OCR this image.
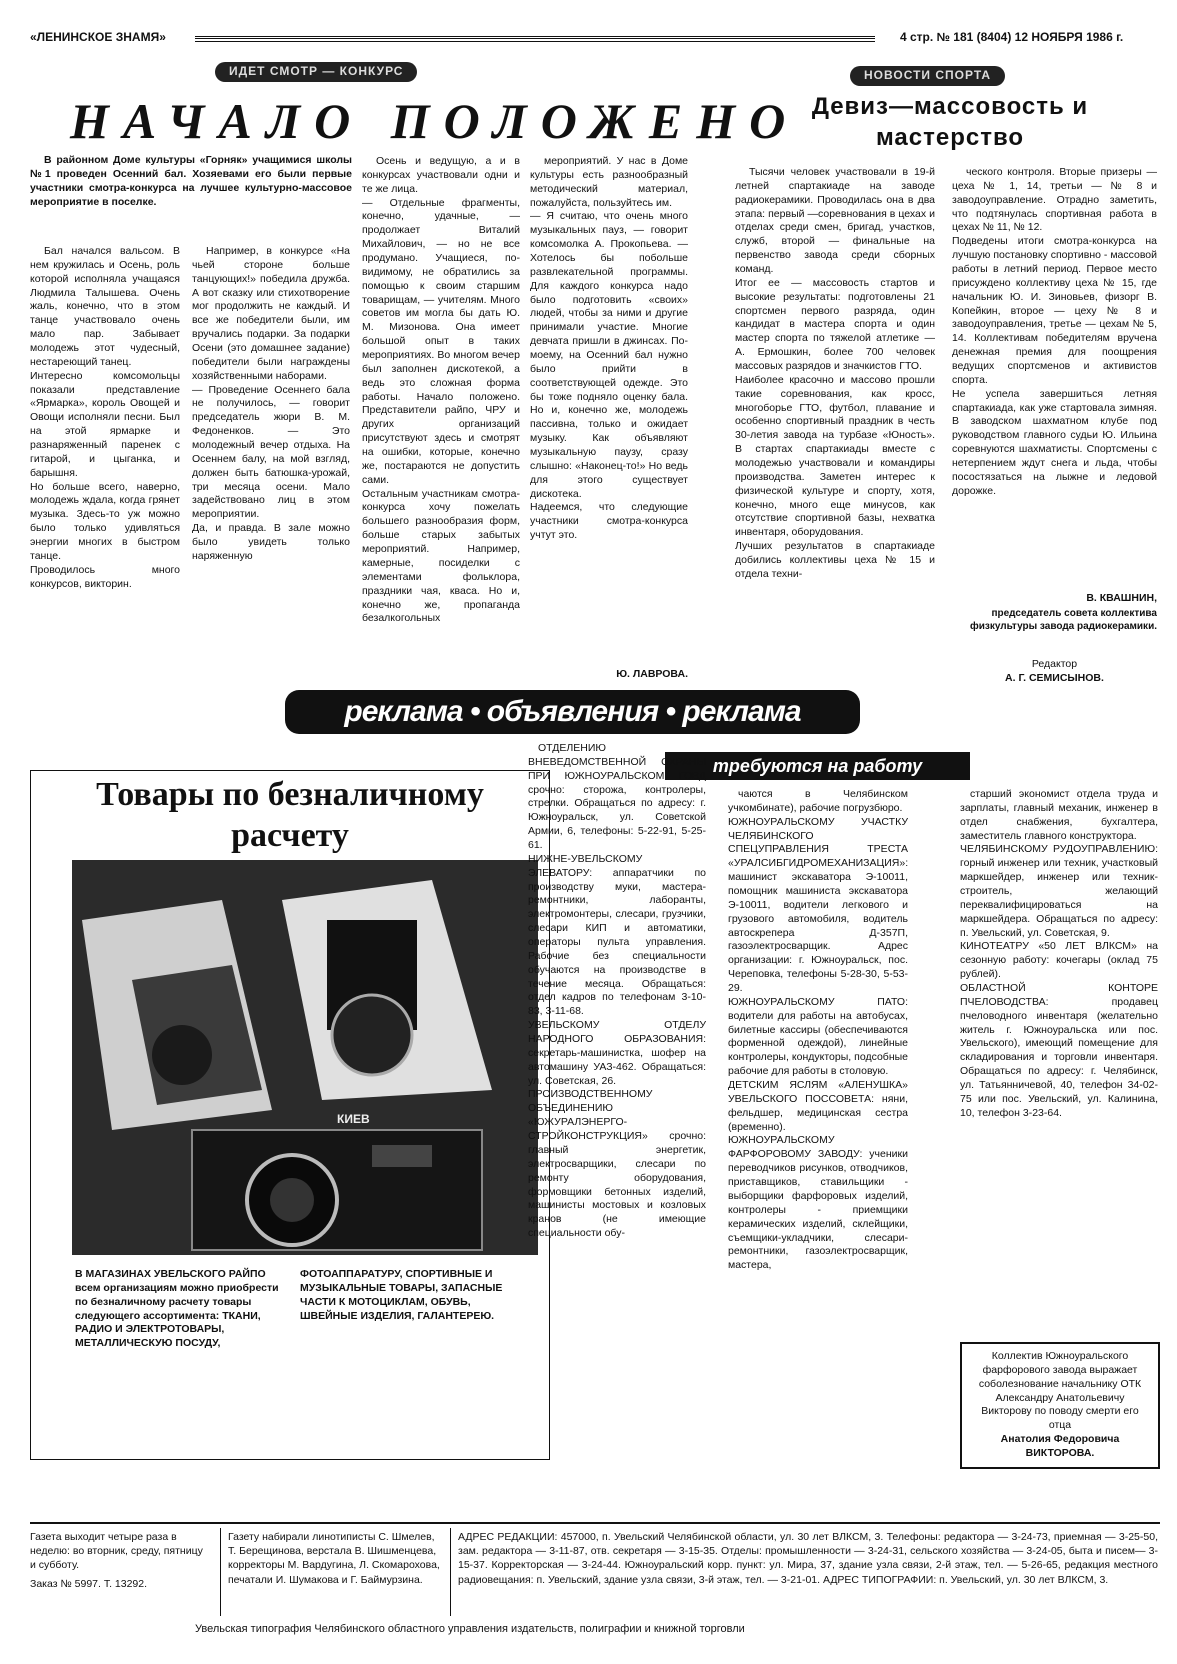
«ЛЕНИНСКОЕ ЗНАМЯ»	4 стр. № 181 (8404) 12 НОЯБРЯ 1986 г.
ИДЕТ СМОТР — КОНКУРС
НАЧАЛО ПОЛОЖЕНО
В районном Доме культуры «Горняк» учащимися школы №1 проведен Осенний бал. Хозяевами его были первые участники смотра-конкурса на лучшее культурно-массовое мероприятие в поселке.

Бал начался вальсом. В нем кружилась и Осень, роль которой исполняла учащаяся Людмила Талышева. Очень жаль, конечно, что в этом танце участвовало очень мало пар. Забывает молодежь этот чудесный, нестареющий танец.
Интересно комсомольцы показали представление «Ярмарка», король Овощей и Овощи исполняли песни. Был на этой ярмарке и разнаряженный паренек с гитарой, и цыганка, и барышня.
Но больше всего, наверно, молодежь ждала, когда грянет музыка. Здесь-то уж можно было только удивляться энергии многих в быстром танце.
Проводилось много конкурсов, викторин.

Например, в конкурсе «На чьей стороне больше танцующих!» победила дружба. А вот сказку или стихотворение мог продолжить не каждый. И все же победители были, им вручались подарки. За подарки Осени (это домашнее задание) победители были награждены хозяйственными наборами.
— Проведение Осеннего бала не получилось, — говорит председатель жюри В. М. Федоненков. — Это молодежный вечер отдыха. На Осеннем балу, на мой взгляд, должен быть батюшка-урожай, три месяца осени. Мало задействовано лиц в этом мероприятии.
Да, и правда. В зале можно было увидеть только наряженную

Осень и ведущую, а и в конкурсах участвовали одни и те же лица.
— Отдельные фрагменты, конечно, удачные, — продолжает Виталий Михайлович, — но не все продумано. Учащиеся, по-видимому, не обратились за помощью к своим старшим товарищам, — учителям. Много советов им могла бы дать Ю. М. Мизонова. Она имеет большой опыт в таких мероприятиях. Во многом вечер был заполнен дискотекой, а ведь это сложная форма работы. Начало положено. Представители райпо, ЧРУ и других организаций присутствуют здесь и смотрят на ошибки, которые, конечно же, постараются не допустить сами.
Остальным участникам смотра-конкурса хочу пожелать большего разнообразия форм, больше старых забытых мероприятий. Например, камерные, посиделки с элементами фольклора, праздники чая, кваса. Но и, конечно же, пропаганда безалкогольных

мероприятий. У нас в Доме культуры есть разнообразный методический материал, пожалуйста, пользуйтесь им.
— Я считаю, что очень много музыкальных пауз, — говорит комсомолка А. Прокопьева. — Хотелось бы побольше развлекательной программы. Для каждого конкурса надо было подготовить «своих» людей, чтобы за ними и другие принимали участие. Многие девчата пришли в джинсах. По-моему, на Осенний бал нужно было прийти в соответствующей одежде. Это бы тоже подняло оценку бала. Но и, конечно же, молодежь пассивна, только и ожидает музыку. Как объявляют музыкальную паузу, сразу слышно: «Наконец-то!» Но ведь для этого существует дискотека.
Надеемся, что следующие участники смотра-конкурса учтут это.

Ю. ЛАВРОВА.
НОВОСТИ СПОРТА
Девиз—массовость и мастерство

Тысячи человек участвовали в 19-й летней спартакиаде на заводе радиокерамики. Проводилась она в два этапа: первый —соревнования в цехах и отделах среди смен, бригад, участков, служб, второй — финальные на первенство завода среди сборных команд.
Итог ее — массовость стартов и высокие результаты: подготовлены 21 спортсмен первого разряда, один кандидат в мастера спорта и один мастер спорта по тяжелой атлетике — А. Ермошкин, более 700 человек массовых разрядов и значкистов ГТО.
Наиболее красочно и массово прошли такие соревнования, как кросс, многоборье ГТО, футбол, плавание и особенно спортивный праздник в честь 30-летия завода на турбазе «Юность». В стартах спартакиады вместе с молодежью участвовали и командиры производства. Заметен интерес к физической культуре и спорту, хотя, конечно, много еще минусов, как отсутствие спортивной базы, нехватка инвентаря, оборудования.
Лучших результатов в спартакиаде добились коллективы цеха № 15 и отдела техни-

ческого контроля. Вторые призеры — цеха № 1, 14, третьи — № 8 и заводоуправление. Отрадно заметить, что подтянулась спортивная работа в цехах № 11, № 12.
Подведены итоги смотра-конкурса на лучшую постановку спортивно - массовой работы в летний период. Первое место присуждено коллективу цеха № 15, где начальник Ю. И. Зиновьев, физорг В. Копейкин, второе — цеху № 8 и заводоуправления, третье — цехам № 5, 14. Коллективам победителям вручена денежная премия для поощрения ведущих спортсменов и активистов спорта.
Не успела завершиться летняя спартакиада, как уже стартовала зимняя. В заводском шахматном клубе под руководством главного судьи Ю. Ильина соревнуются шахматисты. Спортсмены с нетерпением ждут снега и льда, чтобы посостязаться на лыжне и ледовой дорожке.

В. КВАШНИН,
председатель совета коллектива физкультуры завода радиокерамики.
Редактор
А. Г. СЕМИСЫНОВ.
реклама • объявления • реклама
требуются на работу
Товары по безналичному расчету
КИЕВ
В МАГАЗИНАХ УВЕЛЬСКОГО РАЙПО всем организациям можно приобрести по безналичному расчету товары следующего ассортимента: ТКАНИ, РАДИО И ЭЛЕКТРОТОВАРЫ, МЕТАЛЛИЧЕСКУЮ ПОСУДУ,
ФОТОАППАРАТУРУ, СПОРТИВНЫЕ И МУЗЫКАЛЬНЫЕ ТОВАРЫ, ЗАПАСНЫЕ ЧАСТИ К МОТОЦИКЛАМ, ОБУВЬ, ШВЕЙНЫЕ ИЗДЕЛИЯ, ГАЛАНТЕРЕЮ.

ОТДЕЛЕНИЮ ВНЕВЕДОМСТВЕННОЙ ОХРАНЫ ПРИ ЮЖНОУРАЛЬСКОМ ГОВД срочно: сторожа, контролеры, стрелки. Обращаться по адресу: г. Южноуральск, ул. Советской Армии, 6, телефоны: 5-22-91, 5-25-61.
НИЖНЕ-УВЕЛЬСКОМУ ЭЛЕВАТОРУ: аппаратчики по производству муки, мастера-ремонтники, лаборанты, электромонтеры, слесари, грузчики, слесари КИП и автоматики, операторы пульта управления. Рабочие без специальности обучаются на производстве в течение месяца. Обращаться: отдел кадров по телефонам 3-10-83, 3-11-68.
УВЕЛЬСКОМУ ОТДЕЛУ НАРОДНОГО ОБРАЗОВАНИЯ: секретарь-машинистка, шофер на автомашину УАЗ-462. Обращаться: ул. Советская, 26.
ПРОИЗВОДСТВЕННОМУ ОБЪЕДИНЕНИЮ «ЮЖУРАЛЭНЕРГО-СТРОЙКОНСТРУКЦИЯ» срочно: главный энергетик, электросварщики, слесари по ремонту оборудования, формовщики бетонных изделий, машинисты мостовых и козловых кранов (не имеющие специальности обу-

чаются в Челябинском учкомбинате), рабочие погрузбюро.
ЮЖНОУРАЛЬСКОМУ УЧАСТКУ ЧЕЛЯБИНСКОГО СПЕЦУПРАВЛЕНИЯ ТРЕСТА «УРАЛСИБГИДРОМЕХАНИЗАЦИЯ»: машинист экскаватора Э-10011, помощник машиниста экскаватора Э-10011, водители легкового и грузового автомобиля, водитель автоскрепера Д-357П, газоэлектросварщик. Адрес организации: г. Южноуральск, пос. Череповка, телефоны 5-28-30, 5-53-29.
ЮЖНОУРАЛЬСКОМУ ПАТО: водители для работы на автобусах, билетные кассиры (обеспечиваются форменной одеждой), линейные контролеры, кондукторы, подсобные рабочие для работы в столовую.
ДЕТСКИМ ЯСЛЯМ «АЛЕНУШКА» УВЕЛЬСКОГО ПОССОВЕТА: няни, фельдшер, медицинская сестра (временно).
ЮЖНОУРАЛЬСКОМУ ФАРФОРОВОМУ ЗАВОДУ: ученики переводчиков рисунков, отводчиков, приставщиков, ставильщики - выборщики фарфоровых изделий, контролеры - приемщики керамических изделий, склейщики, съемщики-укладчики, слесари-ремонтники, газоэлектросварщик, мастера,

старший экономист отдела труда и зарплаты, главный механик, инженер в отдел снабжения, бухгалтера, заместитель главного конструктора.
ЧЕЛЯБИНСКОМУ РУДОУПРАВЛЕНИЮ: горный инженер или техник, участковый маркшейдер, инженер или техник-строитель, желающий переквалифицироваться на маркшейдера. Обращаться по адресу: п. Увельский, ул. Советская, 9.
КИНОТЕАТРУ «50 ЛЕТ ВЛКСМ» на сезонную работу: кочегары (оклад 75 рублей).
ОБЛАСТНОЙ КОНТОРЕ ПЧЕЛОВОДСТВА: продавец пчеловодного инвентаря (желательно житель г. Южноуральска или пос. Увельского), имеющий помещение для складирования и торговли инвентаря. Обращаться по адресу: г. Челябинск, ул. Татьянничевой, 40, телефон 34-02-75 или пос. Увельский, ул. Калинина, 10, телефон 3-23-64.

Коллектив Южноуральского фарфорового завода выражает соболезнование начальнику ОТК Александру Анатольевичу Викторову по поводу смерти его отца
Анатолия Федоровича ВИКТОРОВА.
Газета выходит четыре раза в неделю: во вторник, среду, пятницу и субботу.
Заказ № 5997. Т. 13292.
Газету набирали линотиписты С. Шмелев, Т. Берещинова, верстала В. Шишменцева, корректоры М. Вардугина, Л. Скомарохова, печатали И. Шумакова и Г. Баймурзина.
АДРЕС РЕДАКЦИИ: 457000, п. Увельский Челябинской области, ул. 30 лет ВЛКСМ, 3. Телефоны: редактора — 3-24-73, приемная — 3-25-50, зам. редактора — 3-11-87, отв. секретаря — 3-15-35. Отделы: промышленности — 3-24-31, сельского хозяйства — 3-24-05, быта и писем— 3-15-37. Корректорская — 3-24-44. Южноуральский корр. пункт: ул. Мира, 37, здание узла связи, 2-й этаж, тел. — 5-26-65, редакция местного радиовещания: п. Увельский, здание узла связи, 3-й этаж, тел. — 3-21-01. АДРЕС ТИПОГРАФИИ: п. Увельский, ул. 30 лет ВЛКСМ, 3.
Увельская типография Челябинского областного управления издательств, полиграфии и книжной торговли
